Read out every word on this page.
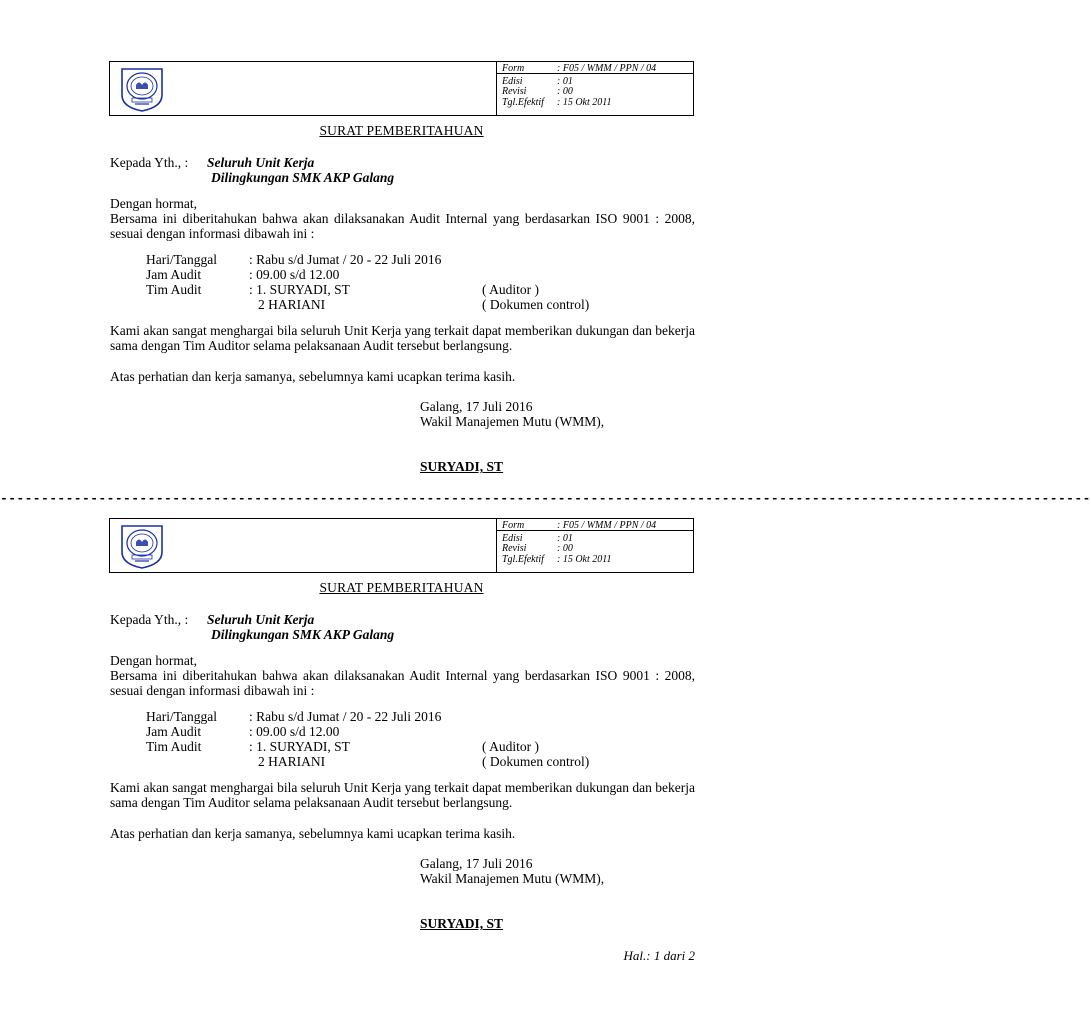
Form	: F05 / WMM / PPN / 04
Edisi	: 01
Revisi	: 00
Tgl.Efektif : 15 Okt 2011
SURAT PEMBERITAHUAN
Kepada Yth., : Seluruh Unit Kerja
Dilingkungan SMK AKP Galang
Dengan hormat,
Bersama ini diberitahukan bahwa akan dilaksanakan Audit Internal yang berdasarkan ISO 9001 : 2008, sesuai dengan informasi dibawah ini :
Hari/Tanggal : Rabu s/d Jumat / 20 - 22 Juli 2016
Jam Audit	: 09.00 s/d 12.00
Tim Audit	: 1. SURYADI, ST	( Auditor )
2 HARIANI	( Dokumen control)
Kami akan sangat menghargai bila seluruh Unit Kerja yang terkait dapat memberikan dukungan dan bekerja sama dengan Tim Auditor selama pelaksanaan Audit tersebut berlangsung.
Atas perhatian dan kerja samanya, sebelumnya kami ucapkan terima kasih.
Galang, 17 Juli 2016
Wakil Manajemen Mutu (WMM),
SURYADI, ST
-------------------------------------------------------------------------------------------------------------------------------------
Form	: F05 / WMM / PPN / 04
Edisi	: 01
Revisi	: 00
Tgl.Efektif : 15 Okt 2011
SURAT PEMBERITAHUAN
Kepada Yth., : Seluruh Unit Kerja
Dilingkungan SMK AKP Galang
Dengan hormat,
Bersama ini diberitahukan bahwa akan dilaksanakan Audit Internal yang berdasarkan ISO 9001 : 2008, sesuai dengan informasi dibawah ini :
Hari/Tanggal : Rabu s/d Jumat / 20 - 22 Juli 2016
Jam Audit	: 09.00 s/d 12.00
Tim Audit	: 1. SURYADI, ST	( Auditor )
2 HARIANI	( Dokumen control)
Kami akan sangat menghargai bila seluruh Unit Kerja yang terkait dapat memberikan dukungan dan bekerja sama dengan Tim Auditor selama pelaksanaan Audit tersebut berlangsung.
Atas perhatian dan kerja samanya, sebelumnya kami ucapkan terima kasih.
Galang, 17 Juli 2016
Wakil Manajemen Mutu (WMM),
SURYADI, ST
Hal.: 1 dari 2
